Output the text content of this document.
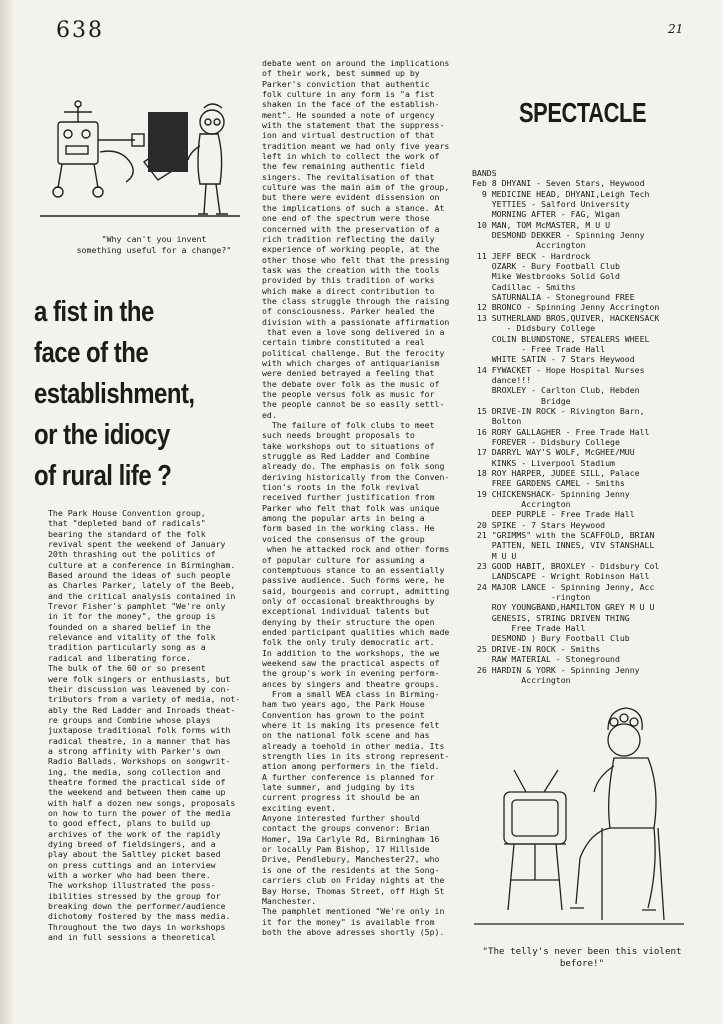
638	21
"Why can't you invent
something useful for a change?"
a fist in the
face of the
establishment,
or the idiocy
of rural life ?
The Park House Convention group,
that "depleted band of radicals"
bearing the standard of the folk
revival spent the weekend of January
20th thrashing out the politics of
culture at a conference in Birmingham.
Based around the ideas of such people
as Charles Parker, lately of the Beeb,
and the critical analysis contained in
Trevor Fisher's pamphlet "We're only
in it for the money", the group is
founded on a shared belief in the
relevance and vitality of the folk
tradition particularly song as a
radical and liberating force.
The bulk of the 60 or so present
were folk singers or enthusiasts, but
their discussion was leavened by con-
tributors from a variety of media, not-
ably the Red Ladder and Inroads theat-
re groups and Combine whose plays
juxtapose traditional folk forms with
radical theatre, in a manner that has
a strong affinity with Parker's own
Radio Ballads. Workshops on songwrit-
ing, the media, song collection and
theatre formed the practical side of
the weekend and between them came up
with half a dozen new songs, proposals
on how to turn the power of the media
to good effect, plans to build up
archives of the work of the rapidly
dying breed of fieldsingers, and a
play about the Saltley picket based
on press cuttings and an interview
with a worker who had been there.
The workshop illustrated the poss-
ibilities stressed by the group for
breaking down the performer/audience
dichotomy fostered by the mass media.
Throughout the two days in workshops
and in full sessions a theoretical
debate went on around the implications
of their work, best summed up by
Parker's conviction that authentic
folk culture in any form is "a fist
shaken in the face of the establish-
ment". He sounded a note of urgency
with the statement that the suppress-
ion and virtual destruction of that
tradition meant we had only five years
left in which to collect the work of
the few remaining authentic field
singers. The revitalisation of that
culture was the main aim of the group,
but there were evident dissension on
the implications of such a stance. At
one end of the spectrum were those
concerned with the preservation of a
rich tradition reflecting the daily
experience of working people, at the
other those who felt that the pressing
task was the creation with the tools
provided by this tradition of works
which make a direct contribution to
the class struggle through the raising
of consciousness. Parker healed the
division with a passionate affirmation
that even a love song delivered in a
certain timbre constituted a real
political challenge. But the ferocity
with which charges of antiquarianism
were denied betrayed a feeling that
the debate over folk as the music of
the people versus folk as music for
the people cannot be so easily settl-
ed.
The failure of folk clubs to meet
such needs brought proposals to
take workshops out to situations of
struggle as Red Ladder and Combine
already do. The emphasis on folk song
deriving historically from the Conven-
tion's roots in the folk revival
received further justification from
Parker who felt that folk was unique
among the popular arts in being a
form based in the working class. He
voiced the consensus of the group
when he attacked rock and other forms
of popular culture for assuming a
contemptuous stance to an essentially
passive audience. Such forms were, he
said, bourgeois and corrupt, admitting
only of occasional breakthroughs by
exceptional individual talents but
denying by their structure the open
ended participant qualities which made
folk the only truly democratic art.
In addition to the workshops, the we
weekend saw the practical aspects of
the group's work in evening perform-
ances by singers and theatre groups.
From a small WEA class in Birming-
ham two years ago, the Park House
Convention has grown to the point
where it is making its presence felt
on the national folk scene and has
already a toehold in other media. Its
strength lies in its strong represent-
ation among performers in the field.
A further conference is planned for
late summer, and judging by its
current progress it should be an
exciting event.
Anyone interested further should
contact the groups convenor: Brian
Homer, 19a Carlyle Rd, Birmingham 16
or locally Pam Bishop, 17 Hillside
Drive, Pendlebury, Manchester27, who
is one of the residents at the Song-
carriers club on Friday nights at the
Bay Horse, Thomas Street, off High St
Manchester.
The pamphlet mentioned "We're only in
it for the money" is available from
both the above adresses shortly (5p).
SPECTACLE
BANDS
Feb 8 DHYANI - Seven Stars, Heywood
9 MEDICINE HEAD, DHYANI,Leigh Tech
YETTIES - Salford University
MORNING AFTER - FAG, Wigan
10 MAN, TOM McMASTER, M U U
DESMOND DEKKER - Spinning Jenny
Accrington
11 JEFF BECK - Hardrock
OZARK - Bury Football Club
Mike Westbrooks Solid Gold
Cadillac - Smiths
SATURNALIA - Stoneground FREE
12 BRONCO - Spinning Jenny Accrington
13 SUTHERLAND BROS,QUIVER, HACKENSACK
- Didsbury College
COLIN BLUNDSTONE, STEALERS WHEEL
- Free Trade Hall
WHITE SATIN - 7 Stars Heywood
14 FYWACKET - Hope Hospital Nurses
dance!!!
BROXLEY - Carlton Club, Hebden
Bridge
15 DRIVE-IN ROCK - Rivington Barn,
Bolton
16 RORY GALLAGHER - Free Trade Hall
FOREVER - Didsbury College
17 DARRYL WAY'S WOLF, McGHEE/MUU
KINKS - Liverpool Stadium
18 ROY HARPER, JUDEE SILL, Palace
FREE GARDENS CAMEL - Smiths
19 CHICKENSHACK- Spinning Jenny
Accrington
DEEP PURPLE - Free Trade Hall
20 SPIKE - 7 Stars Heywood
21 "GRIMMS" with the SCAFFOLD, BRIAN
PATTEN, NEIL INNES, VIV STANSHALL
M U U
23 GOOD HABIT, BROXLEY - Didsbury Col
LANDSCAPE - Wright Robinson Hall
24 MAJOR LANCE - Spinning Jenny, Acc
-rington
ROY YOUNGBAND,HAMILTON GREY M U U
GENESIS, STRING DRIVEN THING
Free Trade Hall
DESMOND ) Bury Football Club
25 DRIVE-IN ROCK - Smiths
RAW MATERIAL - Stoneground
26 HARDIN & YORK - Spinning Jenny
Accrington
"The telly's never been this violent
before!"
